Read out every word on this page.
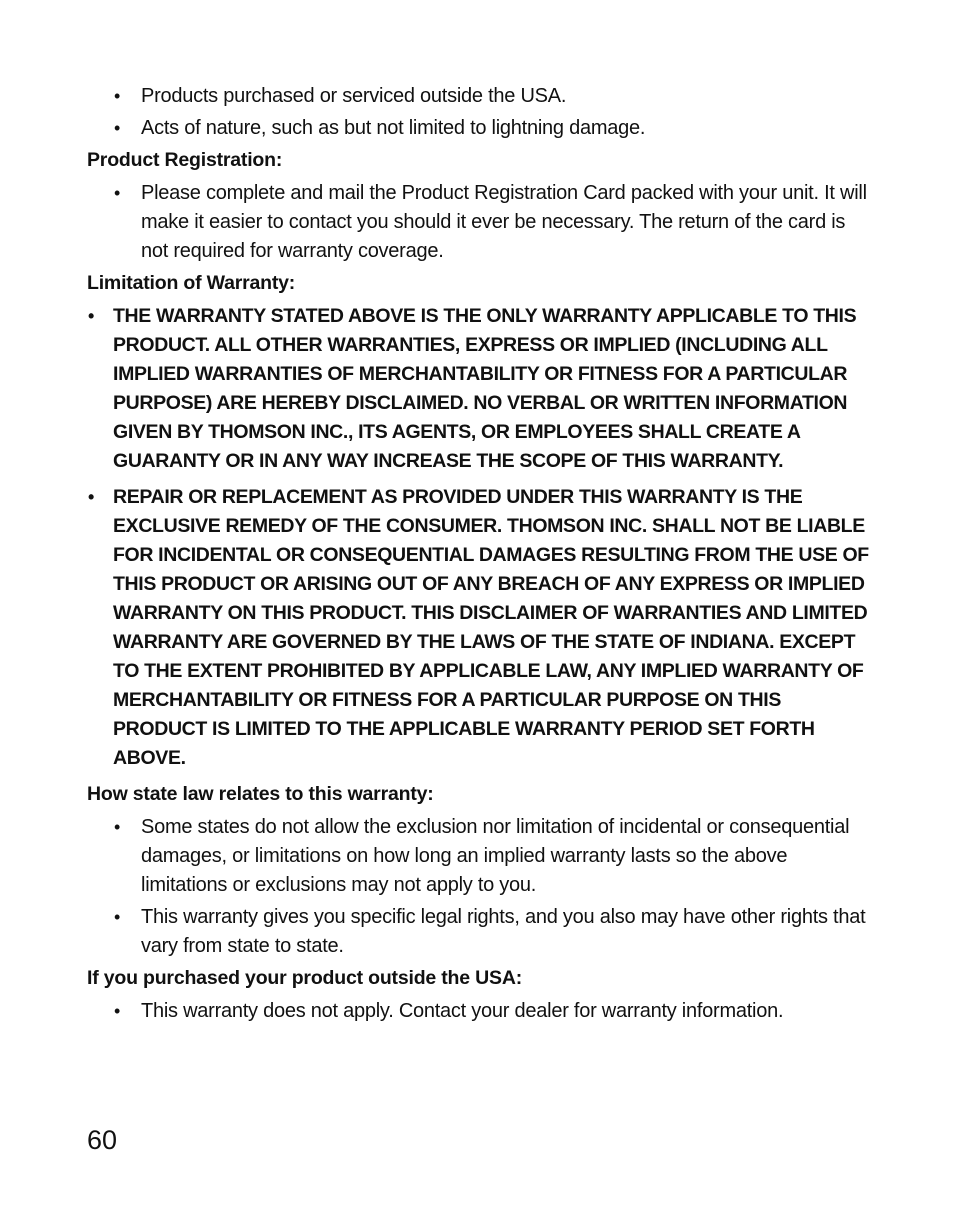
• Products purchased or serviced outside the USA.
• Acts of nature, such as but not limited to lightning damage.
Product Registration:
• Please complete and mail the Product Registration Card packed with your unit. It will make it easier to contact you should it ever be necessary. The return of the card is not required for warranty coverage.
Limitation of Warranty:
• THE WARRANTY STATED ABOVE IS THE ONLY WARRANTY APPLICABLE TO THIS PRODUCT. ALL OTHER WARRANTIES, EXPRESS OR IMPLIED (INCLUDING ALL IMPLIED WARRANTIES OF MERCHANTABILITY OR FITNESS FOR A PARTICULAR PURPOSE) ARE HEREBY DISCLAIMED. NO VERBAL OR WRITTEN INFORMATION GIVEN BY THOMSON INC., ITS AGENTS, OR EMPLOYEES SHALL CREATE A GUARANTY OR IN ANY WAY INCREASE THE SCOPE OF THIS WARRANTY.
• REPAIR OR REPLACEMENT AS PROVIDED UNDER THIS WARRANTY IS THE EXCLUSIVE REMEDY OF THE CONSUMER. THOMSON INC. SHALL NOT BE LIABLE FOR INCIDENTAL OR CONSEQUENTIAL DAMAGES RESULTING FROM THE USE OF THIS PRODUCT OR ARISING OUT OF ANY BREACH OF ANY EXPRESS OR IMPLIED WARRANTY ON THIS PRODUCT. THIS DISCLAIMER OF WARRANTIES AND LIMITED WARRANTY ARE GOVERNED BY THE LAWS OF THE STATE OF INDIANA. EXCEPT TO THE EXTENT PROHIBITED BY APPLICABLE LAW, ANY IMPLIED WARRANTY OF MERCHANTABILITY OR FITNESS FOR A PARTICULAR PURPOSE ON THIS PRODUCT IS LIMITED TO THE APPLICABLE WARRANTY PERIOD SET FORTH ABOVE.
How state law relates to this warranty:
• Some states do not allow the exclusion nor limitation of incidental or consequential damages, or limitations on how long an implied warranty lasts so the above limitations or exclusions may not apply to you.
• This warranty gives you specific legal rights, and you also may have other rights that vary from state to state.
If you purchased your product outside the USA:
• This warranty does not apply. Contact your dealer for warranty information.
60
